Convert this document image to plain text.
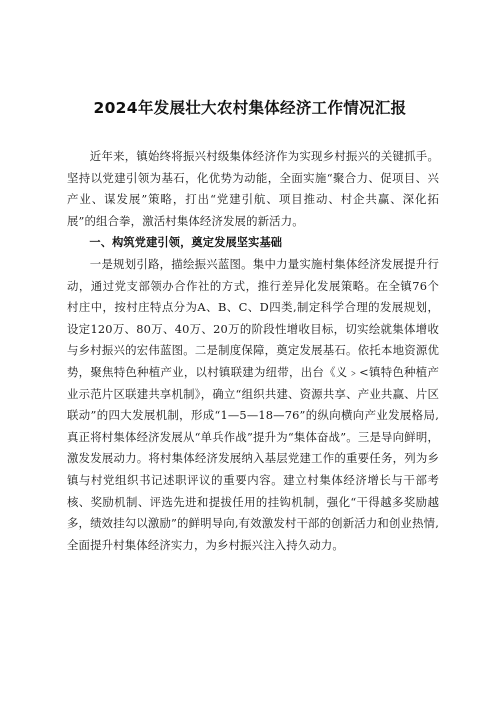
2024年发展壮大农村集体经济工作情况汇报

近年来，镇始终将振兴村级集体经济作为实现乡村振兴的关键抓手。坚持以党建引领为基石，化优势为动能，全面实施“聚合力、促项目、兴产业、谋发展”策略，打出“党建引航、项目推动、村企共赢、深化拓展”的组合拳，激活村集体经济发展的新活力。

一、构筑党建引领，奠定发展坚实基础

一是规划引路，描绘振兴蓝图。集中力量实施村集体经济发展提升行动，通过党支部领办合作社的方式，推行差异化发展策略。在全镇76个村庄中，按村庄特点分为A、B、C、D四类,制定科学合理的发展规划，设定120万、80万、40万、20万的阶段性增收目标，切实绘就集体增收与乡村振兴的宏伟蓝图。二是制度保障，奠定发展基石。依托本地资源优势，聚焦特色种植产业，以村镇联建为纽带，出台《义﹥<镇特色种植产业示范片区联建共享机制》，确立“组织共建、资源共享、产业共赢、片区联动”的四大发展机制，形成“1—5—18—76”的纵向横向产业发展格局,真正将村集体经济发展从“单兵作战”提升为“集体奋战”。三是导向鲜明，激发发展动力。将村集体经济发展纳入基层党建工作的重要任务，列为乡镇与村党组织书记述职评议的重要内容。建立村集体经济增长与干部考核、奖励机制、评选先进和提拔任用的挂钩机制，强化“干得越多奖励越多，绩效挂勾以激励”的鲜明导向,有效激发村干部的创新活力和创业热情,全面提升村集体经济实力，为乡村振兴注入持久动力。
